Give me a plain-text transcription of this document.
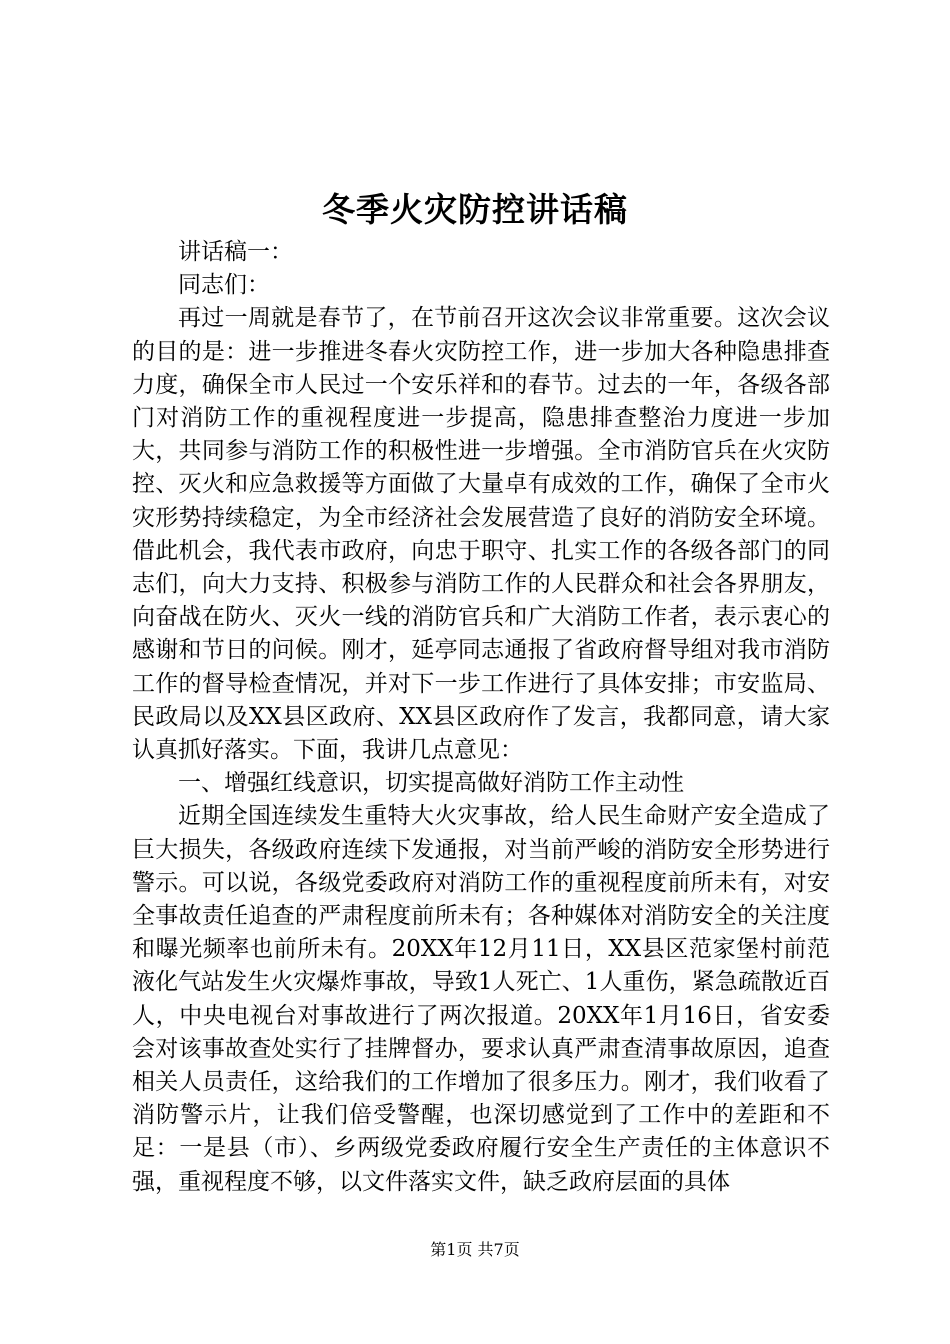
冬季火灾防控讲话稿

讲话稿一：

同志们：

再过一周就是春节了，在节前召开这次会议非常重要。这次会议的目的是：进一步推进冬春火灾防控工作，进一步加大各种隐患排查力度，确保全市人民过一个安乐祥和的春节。过去的一年，各级各部门对消防工作的重视程度进一步提高，隐患排查整治力度进一步加大，共同参与消防工作的积极性进一步增强。全市消防官兵在火灾防控、灭火和应急救援等方面做了大量卓有成效的工作，确保了全市火灾形势持续稳定，为全市经济社会发展营造了良好的消防安全环境。借此机会，我代表市政府，向忠于职守、扎实工作的各级各部门的同志们，向大力支持、积极参与消防工作的人民群众和社会各界朋友，向奋战在防火、灭火一线的消防官兵和广大消防工作者，表示衷心的感谢和节日的问候。刚才，延亭同志通报了省政府督导组对我市消防工作的督导检查情况，并对下一步工作进行了具体安排；市安监局、民政局以及XX县区政府、XX县区政府作了发言，我都同意，请大家认真抓好落实。下面，我讲几点意见：

一、增强红线意识，切实提高做好消防工作主动性

近期全国连续发生重特大火灾事故，给人民生命财产安全造成了巨大损失，各级政府连续下发通报，对当前严峻的消防安全形势进行警示。可以说，各级党委政府对消防工作的重视程度前所未有，对安全事故责任追查的严肃程度前所未有；各种媒体对消防安全的关注度和曝光频率也前所未有。20XX年12月11日，XX县区范家堡村前范液化气站发生火灾爆炸事故，导致1人死亡、1人重伤，紧急疏散近百人，中央电视台对事故进行了两次报道。20XX年1月16日，省安委会对该事故查处实行了挂牌督办，要求认真严肃查清事故原因，追查相关人员责任，这给我们的工作增加了很多压力。刚才，我们收看了消防警示片，让我们倍受警醒，也深切感觉到了工作中的差距和不足：一是县（市）、乡两级党委政府履行安全生产责任的主体意识不强，重视程度不够，以文件落实文件，缺乏政府层面的具体

第1页 共7页
